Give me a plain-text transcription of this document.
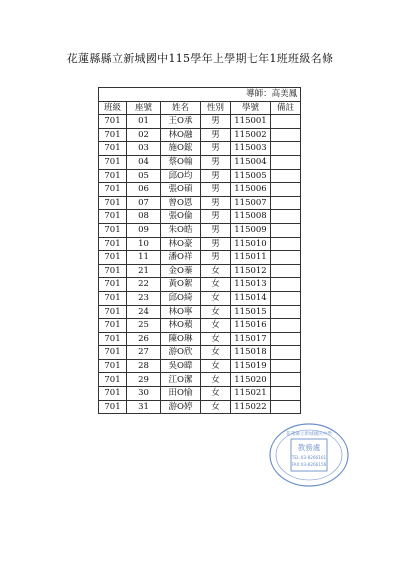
花蓮縣縣立新城國中115學年上學期七年1班班級名條
導師：高美鳳					
班級	座號	姓名	性別	學號	備註
701	01	王O承	男	115001	
701	02	林O融	男	115002	
701	03	施O鋐	男	115003	
701	04	蔡O翰	男	115004	
701	05	邱O均	男	115005	
701	06	張O碩	男	115006	
701	07	曾O恩	男	115007	
701	08	張O倫	男	115008	
701	09	朱O皓	男	115009	
701	10	林O豪	男	115010	
701	11	潘O祥	男	115011	
701	21	金O蓁	女	115012	
701	22	黃O絮	女	115013	
701	23	邱O綺	女	115014	
701	24	林O寧	女	115015	
701	25	林O蘋	女	115016	
701	26	陳O琳	女	115017	
701	27	游O欣	女	115018	
701	28	吳O暐	女	115019	
701	29	江O潔	女	115020	
701	30	田O愉	女	115021	
701	31	游O婷	女	115022	
花蓮縣立新城國民中學
教務處
TEL:03-8266161
FAX:03-8266156
